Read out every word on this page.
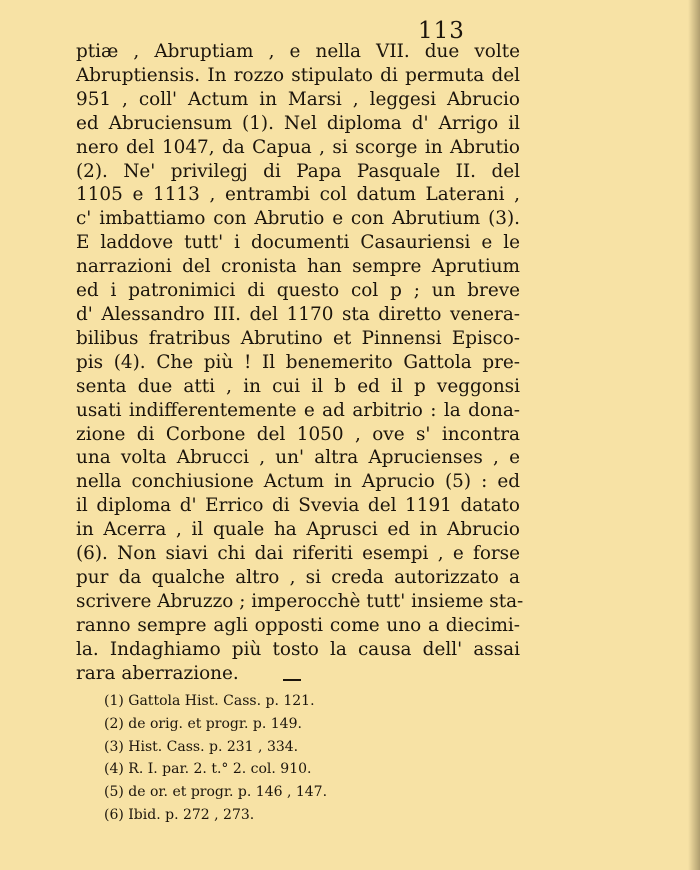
113
ptiæ , Abruptiam , e nella VII. due volte
Abruptiensis. In rozzo stipulato di permuta del
951 , coll' Actum in Marsi , leggesi Abrucio
ed Abruciensum (1). Nel diploma d' Arrigo il
nero del 1047, da Capua , si scorge in Abrutio
(2). Ne' privilegj di Papa Pasquale II. del
1105 e 1113 , entrambi col datum Laterani ,
c' imbattiamo con Abrutio e con Abrutium (3).
E laddove tutt' i documenti Casauriensi e le
narrazioni del cronista han sempre Aprutium
ed i patronimici di questo col p ; un breve
d' Alessandro III. del 1170 sta diretto venera-
bilibus fratribus Abrutino et Pinnensi Episco-
pis (4). Che più ! Il benemerito Gattola pre-
senta due atti , in cui il b ed il p veggonsi
usati indifferentemente e ad arbitrio : la dona-
zione di Corbone del 1050 , ove s' incontra
una volta Abrucci , un' altra Aprucienses , e
nella conchiusione Actum in Aprucio (5) : ed
il diploma d' Errico di Svevia del 1191 datato
in Acerra , il quale ha Aprusci ed in Abrucio
(6). Non siavi chi dai riferiti esempi , e forse
pur da qualche altro , si creda autorizzato a
scrivere Abruzzo ; imperocchè tutt' insieme sta-
ranno sempre agli opposti come uno a diecimi-
la. Indaghiamo più tosto la causa dell' assai
rara aberrazione.
(1) Gattola Hist. Cass. p. 121.
(2) de orig. et progr. p. 149.
(3) Hist. Cass. p. 231 , 334.
(4) R. I. par. 2. t.° 2. col. 910.
(5) de or. et progr. p. 146 , 147.
(6) Ibid. p. 272 , 273.
